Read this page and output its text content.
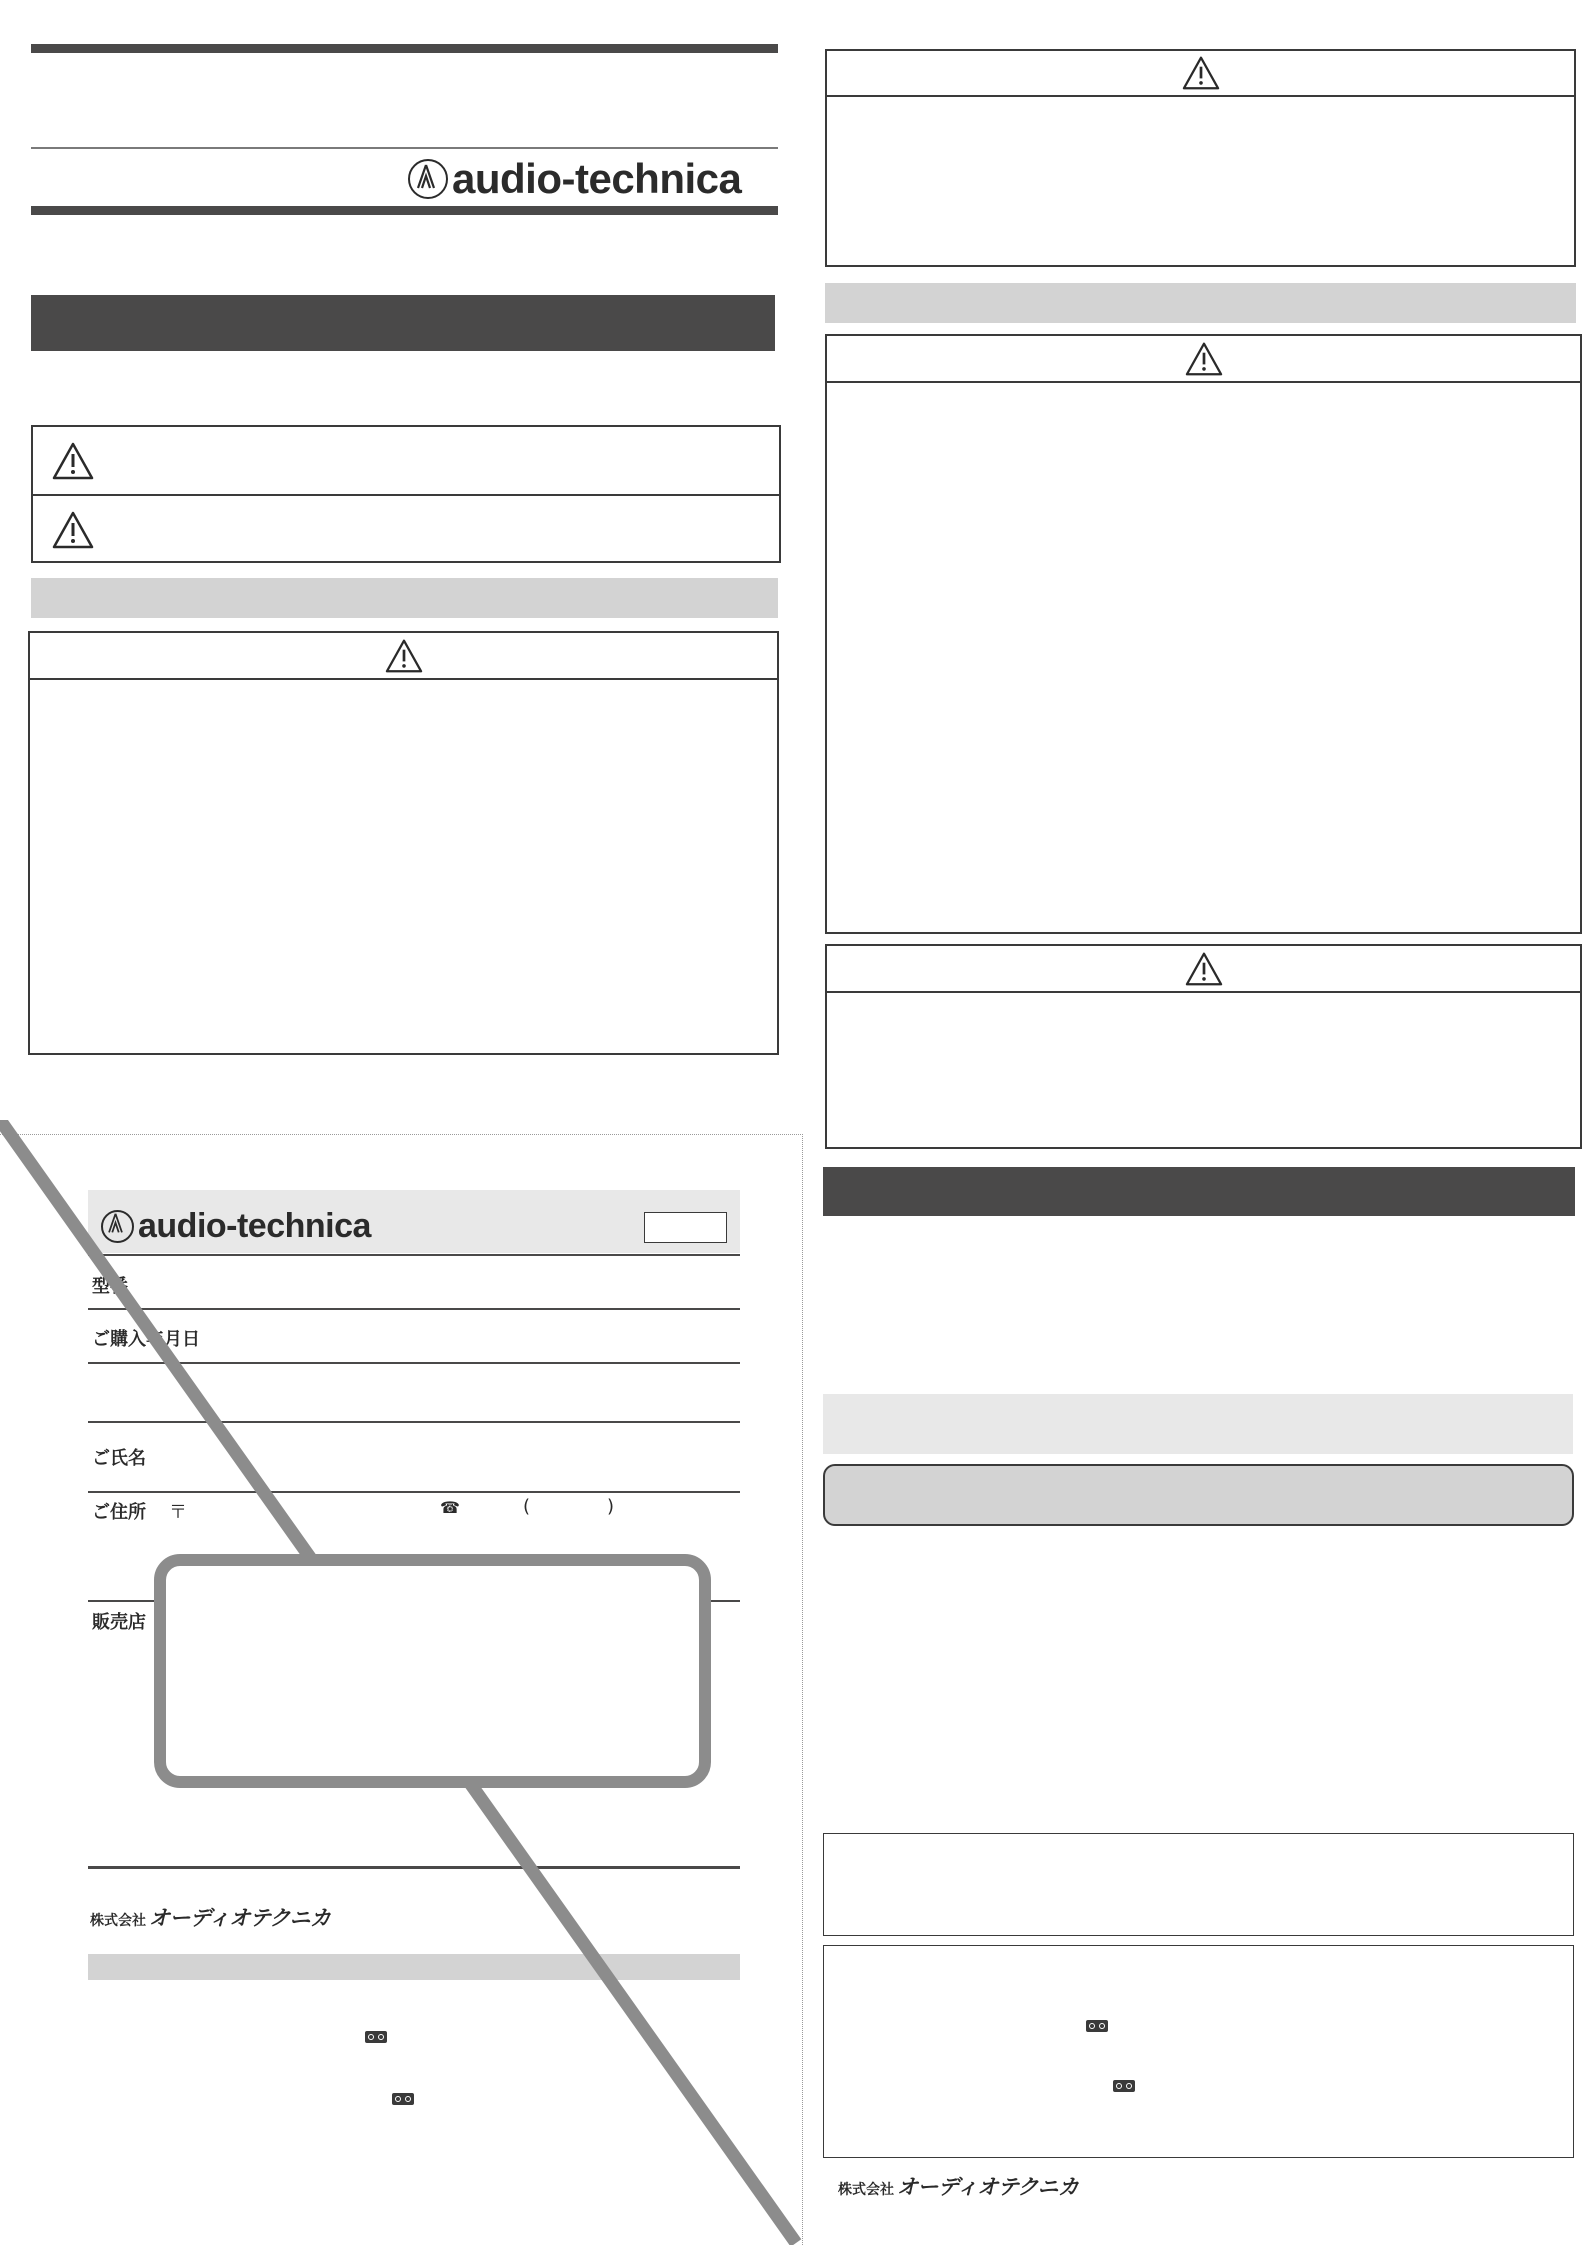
audio-technica
audio-technica
型番
ご購入年月日
ご氏名
ご住所 〒	☎	(	)
販売店
株式会社 オーディオテクニカ

株式会社 オーディオテクニカ
